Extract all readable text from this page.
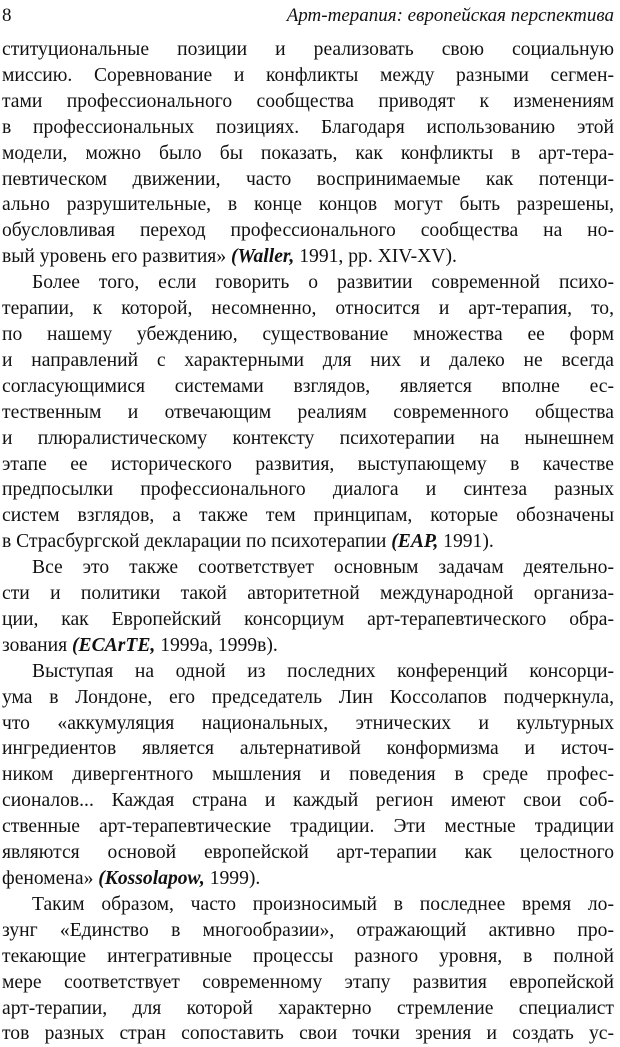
8	Арт-терапия: европейская перспектива
ституциональные позиции и реализовать свою социальную
миссию. Соревнование и конфликты между разными сегмен-
тами профессионального сообщества приводят к изменениям
в профессиональных позициях. Благодаря использованию этой
модели, можно было бы показать, как конфликты в арт-тера-
певтическом движении, часто воспринимаемые как потенци-
ально разрушительные, в конце концов могут быть разрешены,
обусловливая переход профессионального сообщества на но-
вый уровень его развития» (Waller, 1991, pp. XIV-XV).
Более того, если говорить о развитии современной психо-
терапии, к которой, несомненно, относится и арт-терапия, то,
по нашему убеждению, существование множества ее форм
и направлений с характерными для них и далеко не всегда
согласующимися системами взглядов, является вполне ес-
тественным и отвечающим реалиям современного общества
и плюралистическому контексту психотерапии на нынешнем
этапе ее исторического развития, выступающему в качестве
предпосылки профессионального диалога и синтеза разных
систем взглядов, а также тем принципам, которые обозначены
в Страсбургской декларации по психотерапии (EAP, 1991).
Все это также соответствует основным задачам деятельно-
сти и политики такой авторитетной международной организа-
ции, как Европейский консорциум арт-терапевтического обра-
зования (ECArTE, 1999a, 1999в).
Выступая на одной из последних конференций консорци-
ума в Лондоне, его председатель Лин Коссолапов подчеркнула,
что «аккумуляция национальных, этнических и культурных
ингредиентов является альтернативой конформизма и источ-
ником дивергентного мышления и поведения в среде профес-
сионалов... Каждая страна и каждый регион имеют свои соб-
ственные арт-терапевтические традиции. Эти местные традиции
являются основой европейской арт-терапии как целостного
феномена» (Kossolapow, 1999).
Таким образом, часто произносимый в последнее время ло-
зунг «Единство в многообразии», отражающий активно про-
текающие интегративные процессы разного уровня, в полной
мере соответствует современному этапу развития европейской
арт-терапии, для которой характерно стремление специалист
тов разных стран сопоставить свои точки зрения и создать ус-
